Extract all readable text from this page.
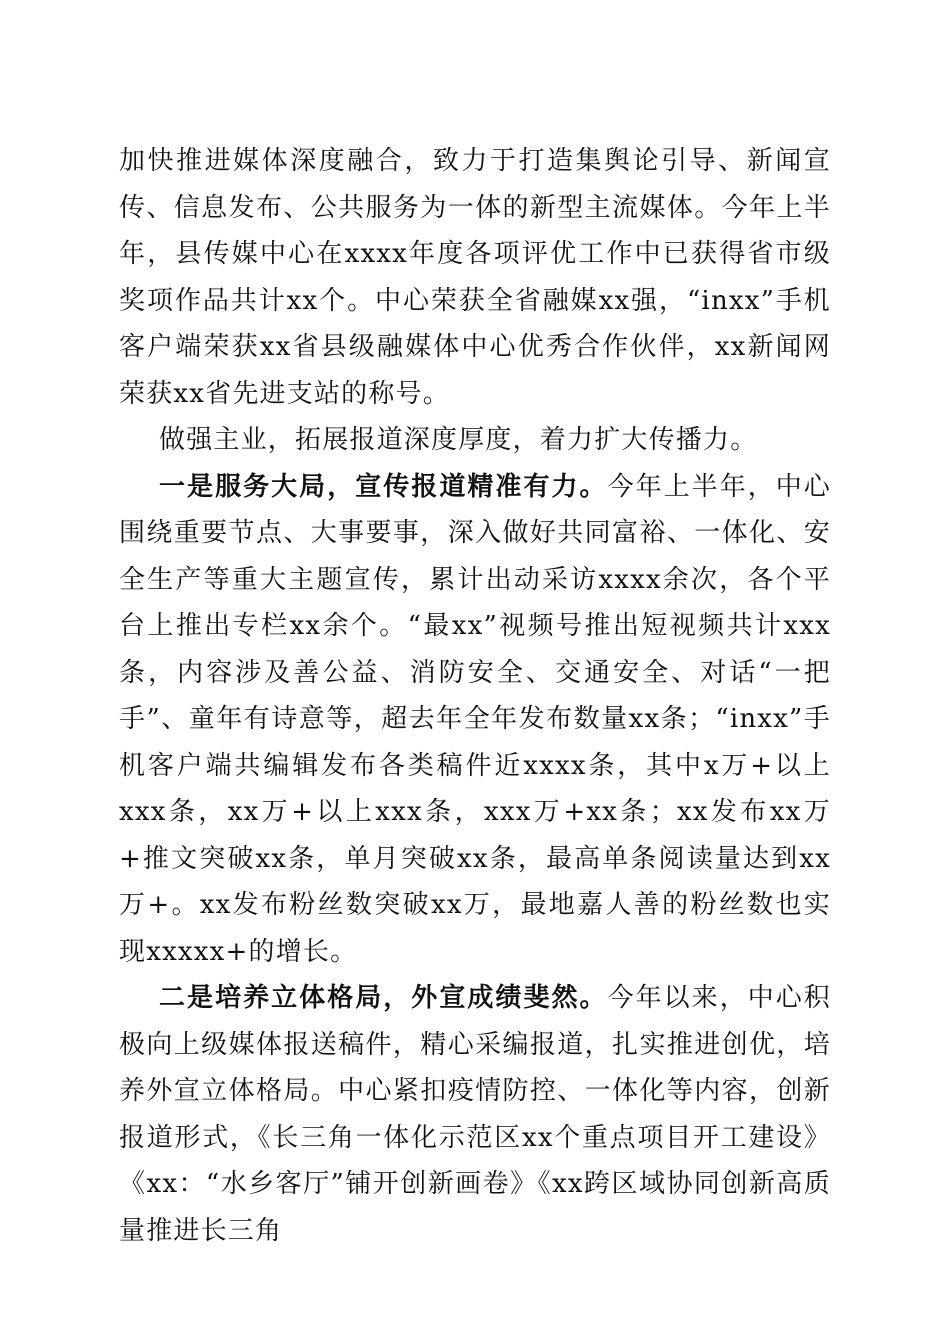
加快推进媒体深度融合，致力于打造集舆论引导、新闻宣传、信息发布、公共服务为一体的新型主流媒体。今年上半年，县传媒中心在xxxx年度各项评优工作中已获得省市级奖项作品共计xx个。中心荣获全省融媒xx强，“inxx”手机客户端荣获xx省县级融媒体中心优秀合作伙伴，xx新闻网荣获xx省先进支站的称号。

做强主业，拓展报道深度厚度，着力扩大传播力。

一是服务大局，宣传报道精准有力。今年上半年，中心围绕重要节点、大事要事，深入做好共同富裕、一体化、安全生产等重大主题宣传，累计出动采访xxxx余次，各个平台上推出专栏xx余个。“最xx”视频号推出短视频共计xxx条，内容涉及善公益、消防安全、交通安全、对话“一把手”、童年有诗意等，超去年全年发布数量xx条；“inxx”手机客户端共编辑发布各类稿件近xxxx条，其中x万+以上xxx条，xx万+以上xxx条，xxx万+xx条；xx发布xx万+推文突破xx条，单月突破xx条，最高单条阅读量达到xx万+。xx发布粉丝数突破xx万，最地嘉人善的粉丝数也实现xxxxx+的增长。

二是培养立体格局，外宣成绩斐然。今年以来，中心积极向上级媒体报送稿件，精心采编报道，扎实推进创优，培养外宣立体格局。中心紧扣疫情防控、一体化等内容，创新报道形式，《长三角一体化示范区xx个重点项目开工建设》《xx：“水乡客厅”铺开创新画卷》《xx跨区域协同创新高质量推进长三角
